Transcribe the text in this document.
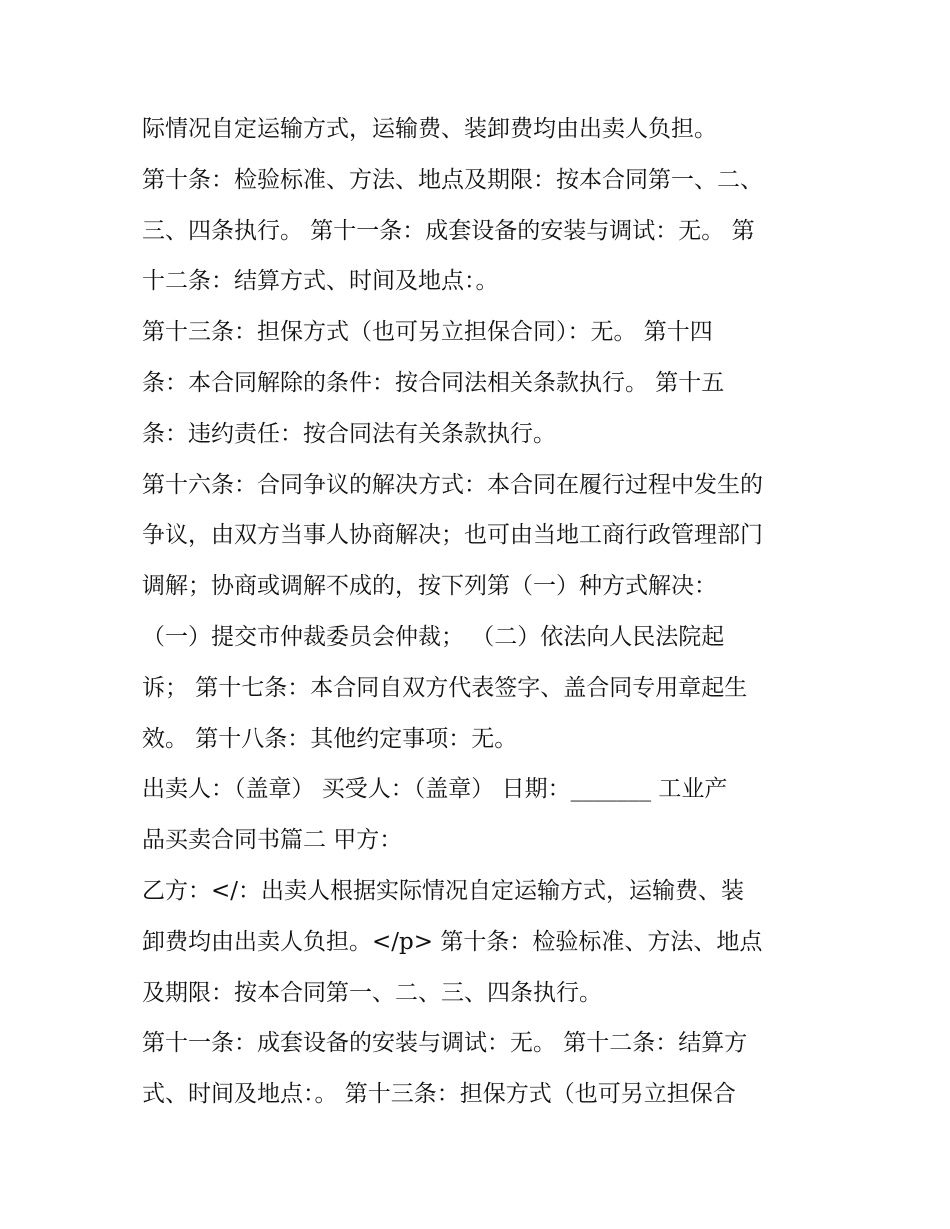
际情况自定运输方式，运输费、装卸费均由出卖人负担。
第十条：检验标准、方法、地点及期限：按本合同第一、二、
三、四条执行。 第十一条：成套设备的安装与调试：无。 第
十二条：结算方式、时间及地点：。
第十三条：担保方式（也可另立担保合同）：无。 第十四
条：本合同解除的条件：按合同法相关条款执行。 第十五
条：违约责任：按合同法有关条款执行。
第十六条：合同争议的解决方式：本合同在履行过程中发生的
争议，由双方当事人协商解决；也可由当地工商行政管理部门
调解；协商或调解不成的，按下列第（一）种方式解决：
（一）提交市仲裁委员会仲裁； （二）依法向人民法院起
诉； 第十七条：本合同自双方代表签字、盖合同专用章起生
效。 第十八条：其他约定事项：无。
出卖人：（盖章） 买受人：（盖章） 日期：_______ 工业产
品买卖合同书篇二 甲方：
乙方：</：出卖人根据实际情况自定运输方式，运输费、装
卸费均由出卖人负担。</p> 第十条：检验标准、方法、地点
及期限：按本合同第一、二、三、四条执行。
第十一条：成套设备的安装与调试：无。 第十二条：结算方
式、时间及地点：。 第十三条：担保方式（也可另立担保合
